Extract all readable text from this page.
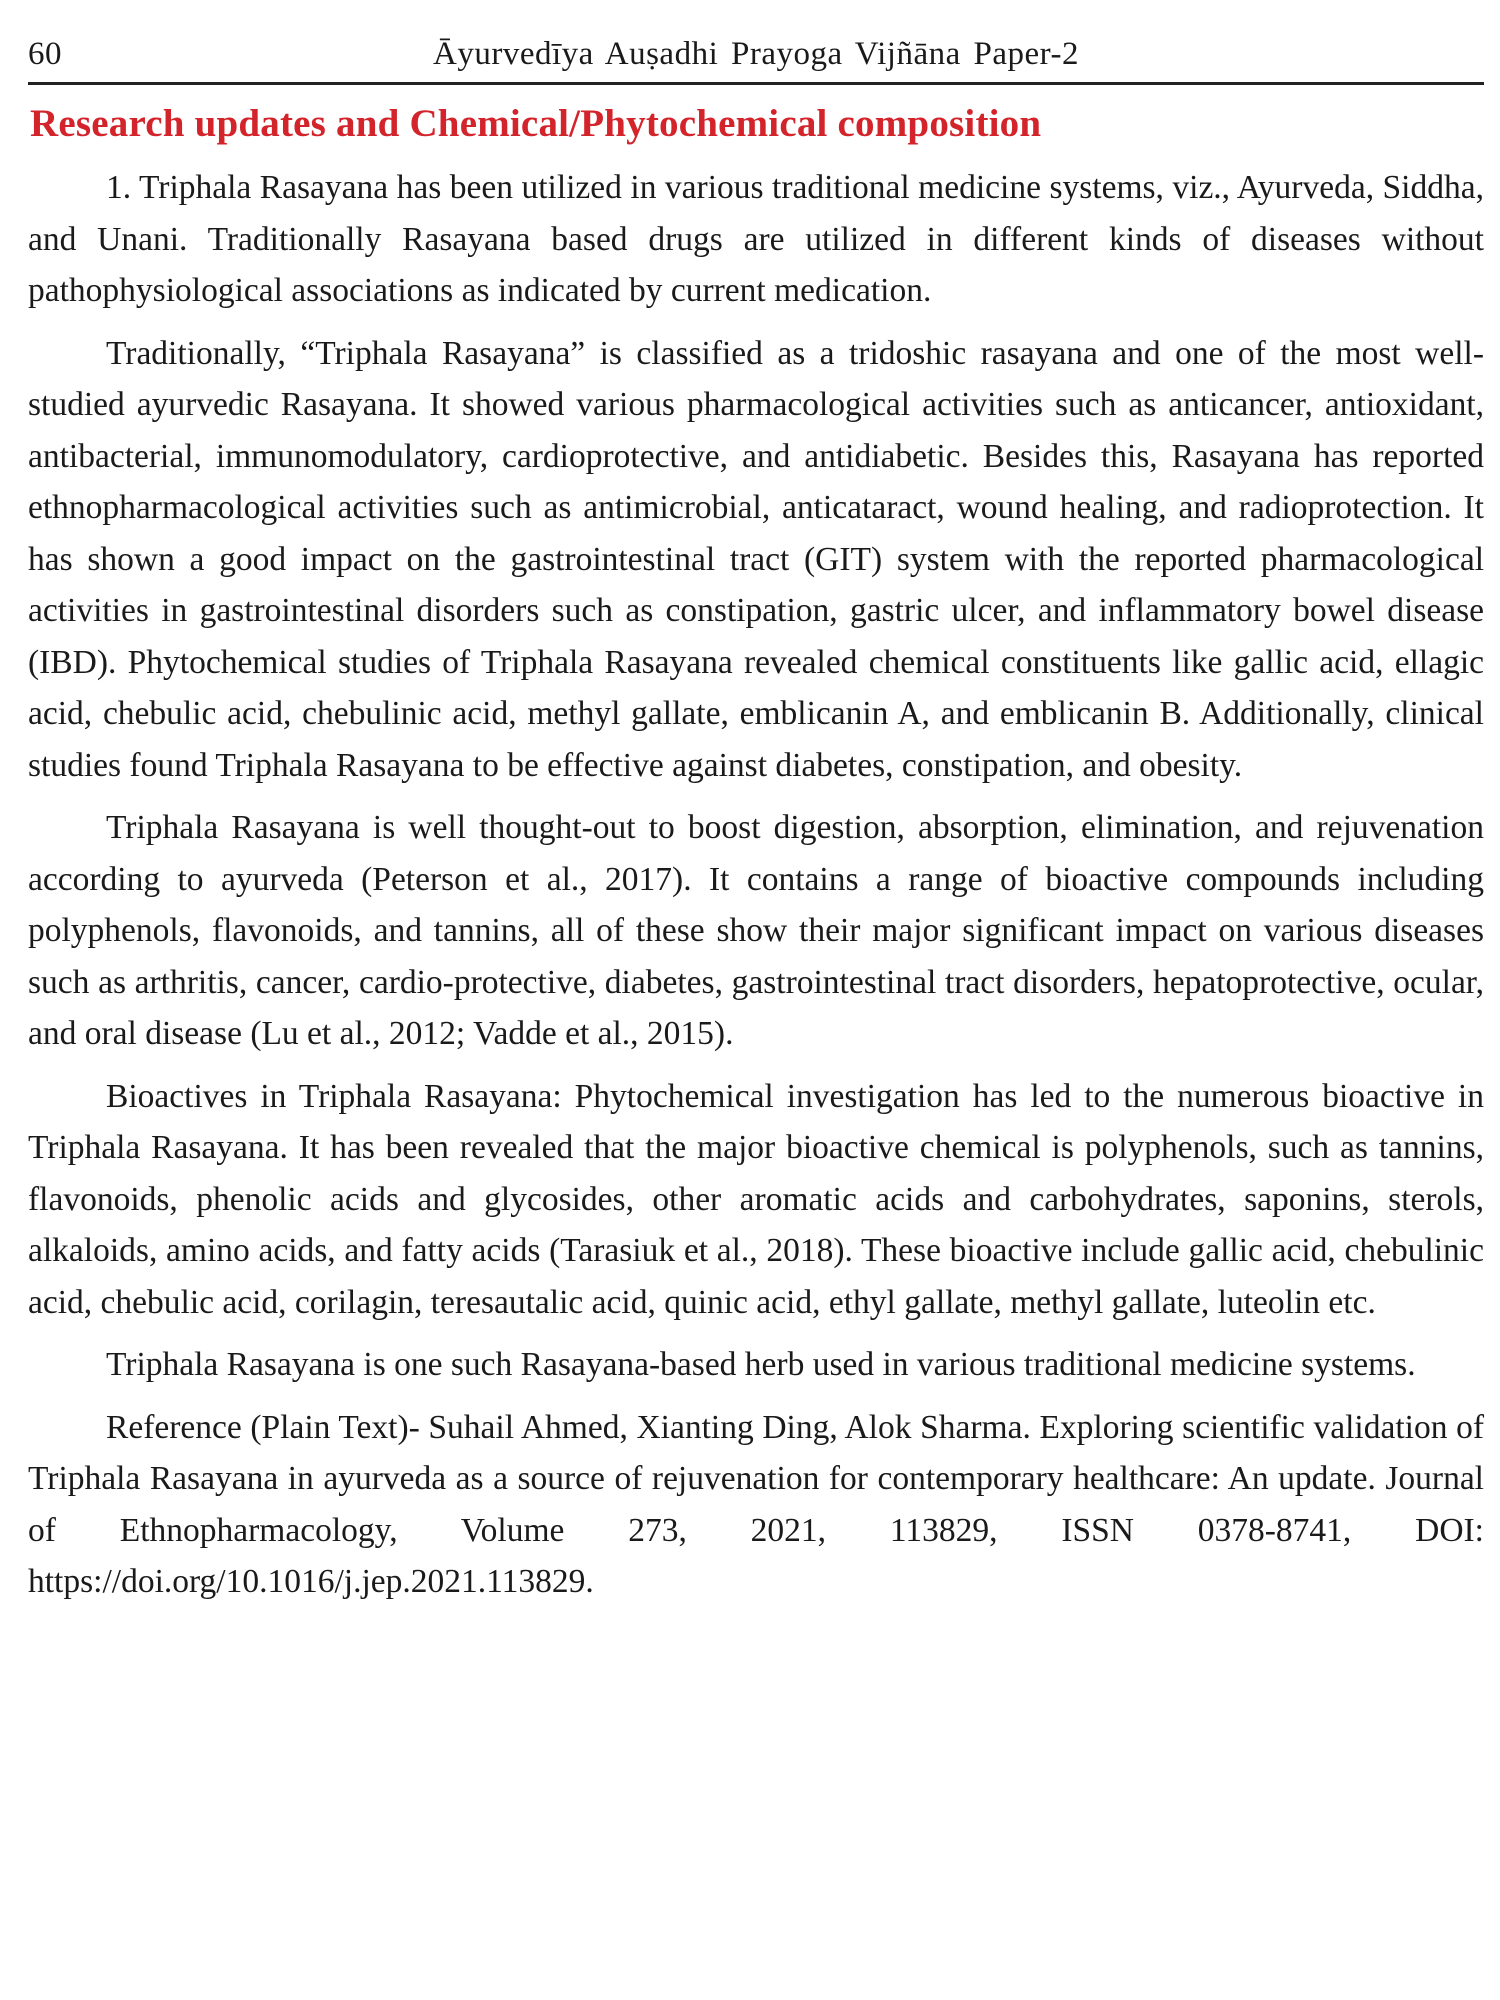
60	Āyurvedīya Auṣadhi Prayoga Vijñāna Paper-2
Research updates and Chemical/Phytochemical composition

1. Triphala Rasayana has been utilized in various traditional medicine systems, viz., Ayurveda, Siddha, and Unani. Traditionally Rasayana based drugs are utilized in different kinds of diseases without pathophysiological associations as indicated by current medication.

Traditionally, “Triphala Rasayana” is classified as a tridoshic rasayana and one of the most well-studied ayurvedic Rasayana. It showed various pharmacological activities such as anticancer, antioxidant, antibacterial, immunomodulatory, cardioprotective, and antidiabetic. Besides this, Rasayana has reported ethnopharmacological activities such as antimicrobial, anticataract, wound healing, and radioprotection. It has shown a good impact on the gastrointestinal tract (GIT) system with the reported pharmacological activities in gastrointestinal disorders such as constipation, gastric ulcer, and inflammatory bowel disease (IBD). Phytochemical studies of Triphala Rasayana revealed chemical constituents like gallic acid, ellagic acid, chebulic acid, chebulinic acid, methyl gallate, emblicanin A, and emblicanin B. Additionally, clinical studies found Triphala Rasayana to be effective against diabetes, constipation, and obesity.

Triphala Rasayana is well thought-out to boost digestion, absorption, elimination, and rejuvenation according to ayurveda (Peterson et al., 2017). It contains a range of bioactive compounds including polyphenols, flavonoids, and tannins, all of these show their major significant impact on various diseases such as arthritis, cancer, cardio-protective, diabetes, gastrointestinal tract disorders, hepatoprotective, ocular, and oral disease (Lu et al., 2012; Vadde et al., 2015).

Bioactives in Triphala Rasayana: Phytochemical investigation has led to the numerous bioactive in Triphala Rasayana. It has been revealed that the major bioactive chemical is polyphenols, such as tannins, flavonoids, phenolic acids and glycosides, other aromatic acids and carbohydrates, saponins, sterols, alkaloids, amino acids, and fatty acids (Tarasiuk et al., 2018). These bioactive include gallic acid, chebulinic acid, chebulic acid, corilagin, teresautalic acid, quinic acid, ethyl gallate, methyl gallate, luteolin etc.

Triphala Rasayana is one such Rasayana-based herb used in various traditional medicine systems.

Reference (Plain Text)- Suhail Ahmed, Xianting Ding, Alok Sharma. Exploring scientific validation of Triphala Rasayana in ayurveda as a source of rejuvenation for contemporary healthcare: An update. Journal of Ethnopharmacology, Volume 273, 2021, 113829, ISSN 0378-8741, DOI: https://doi.org/10.1016/j.jep.2021.113829.
